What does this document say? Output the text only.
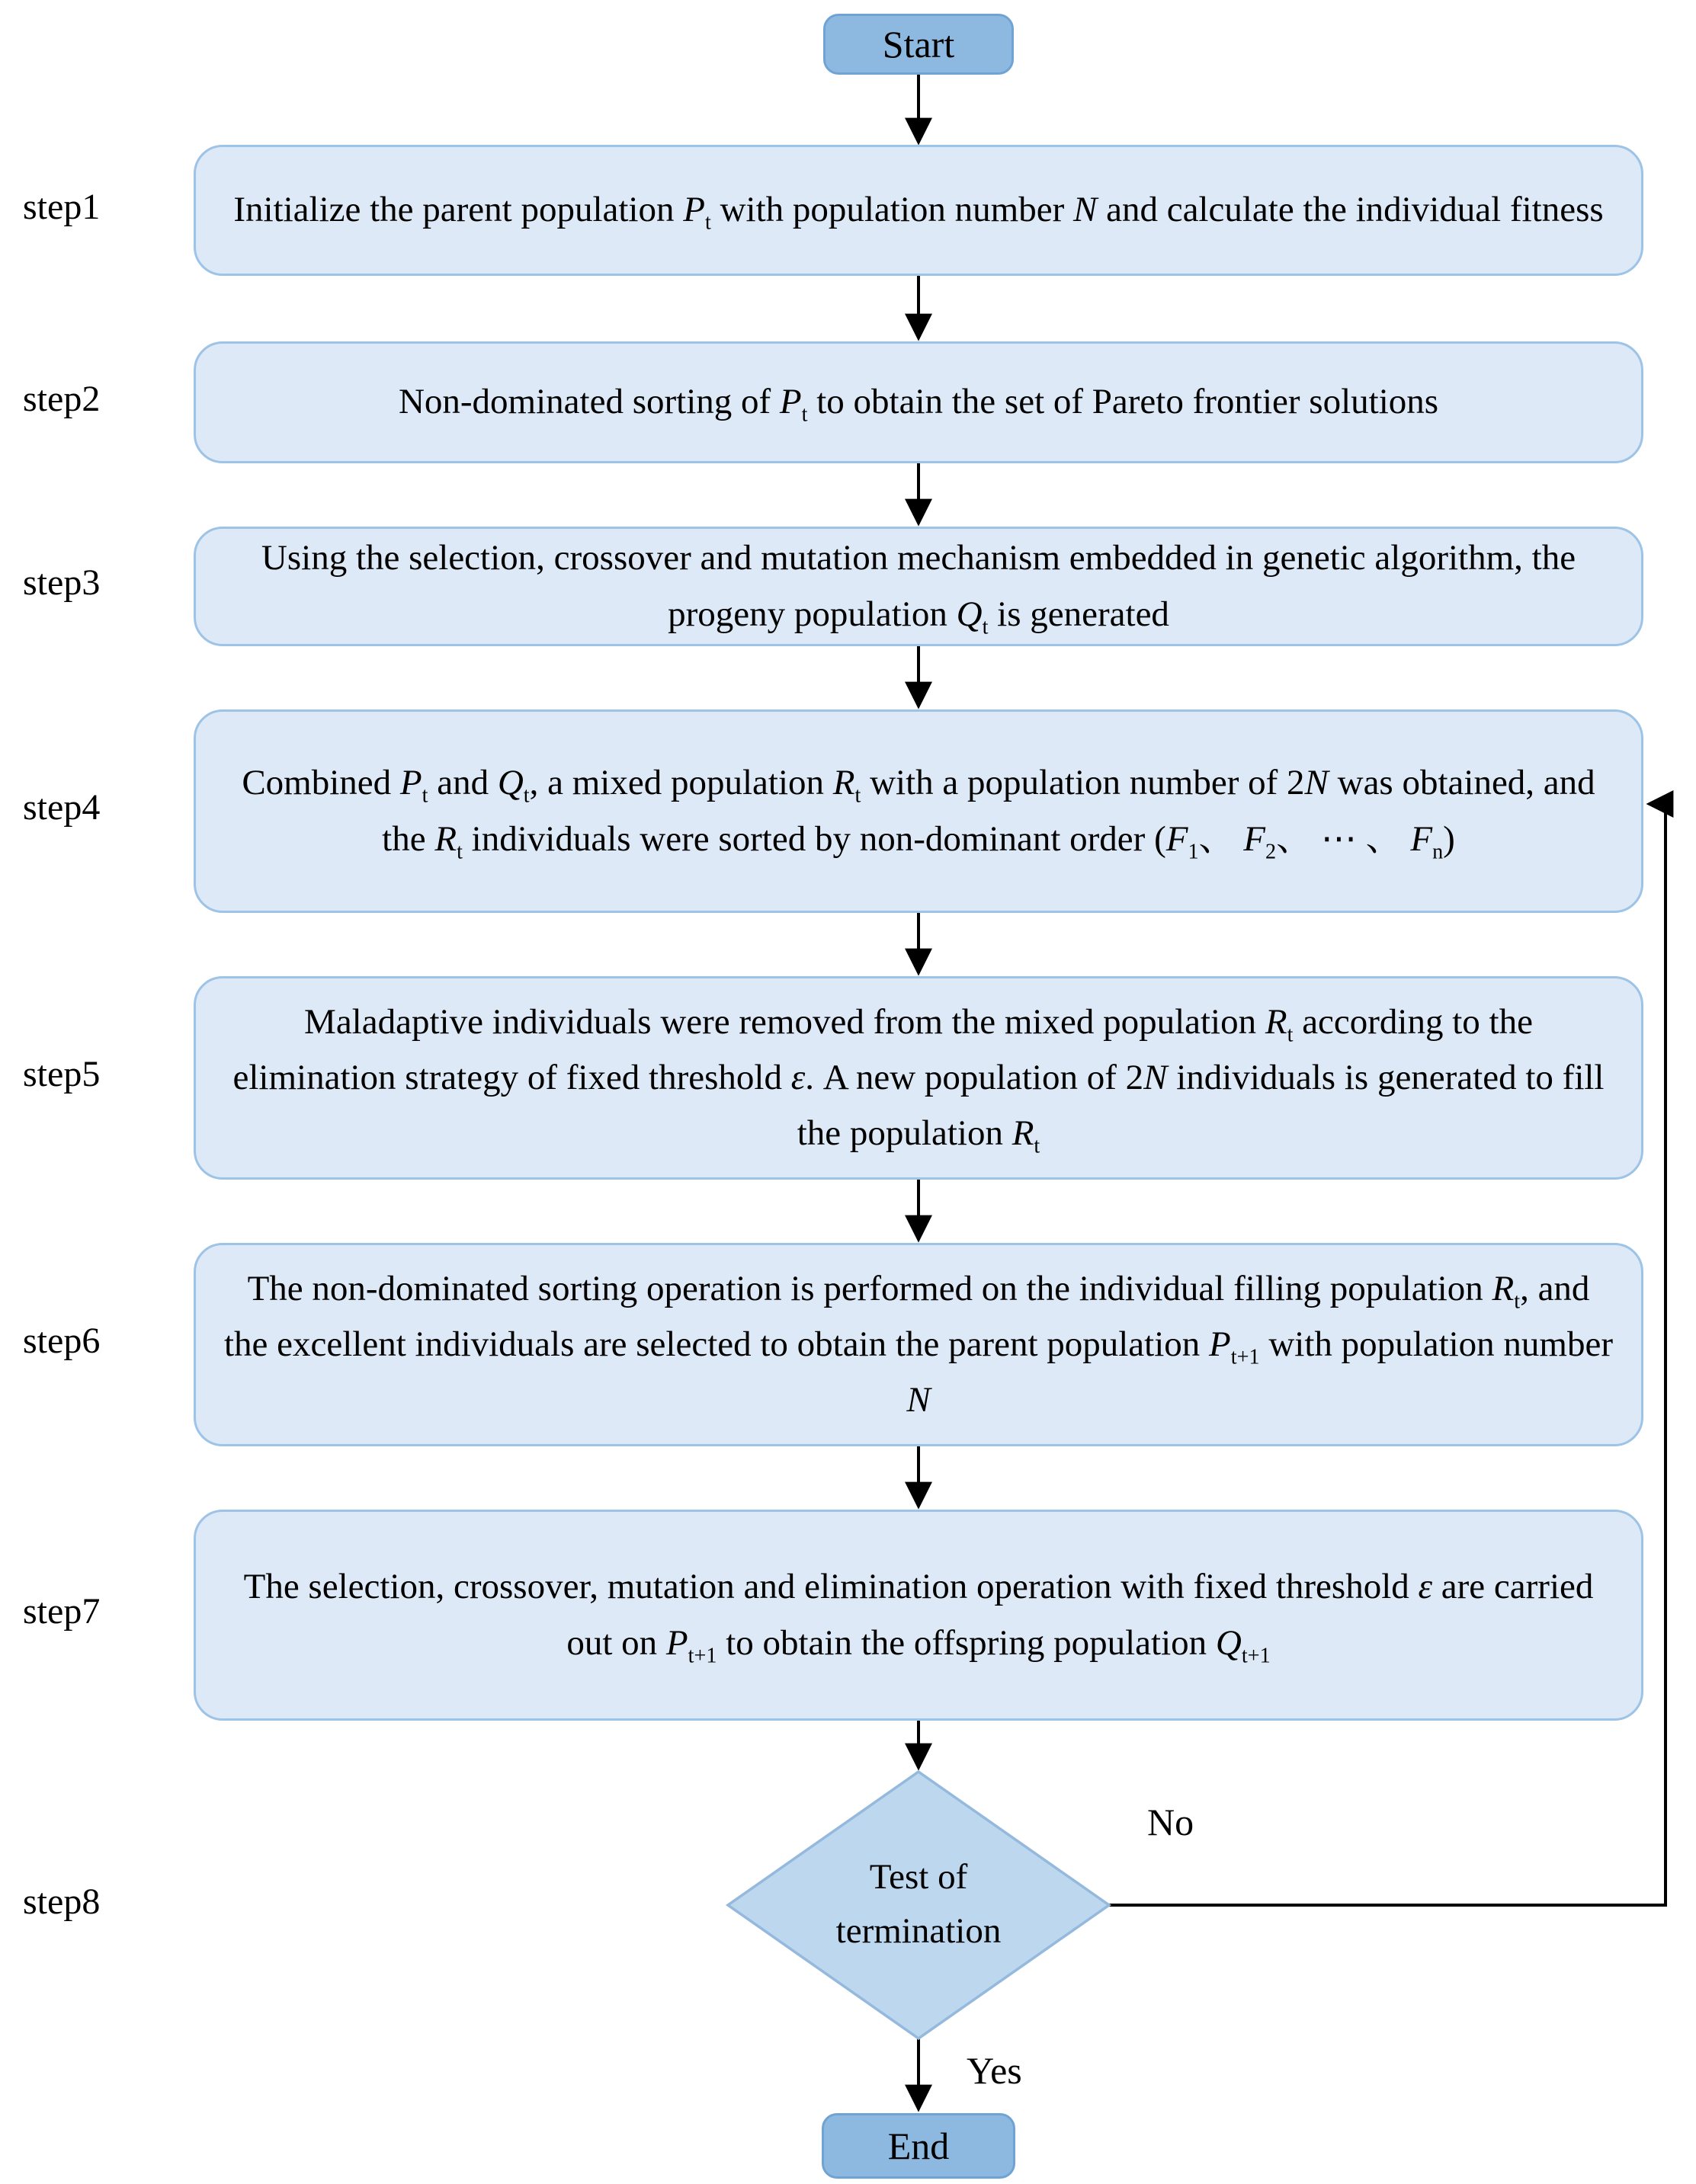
Start
step1	Initialize the parent population $P_t$ with population number N and calculate the individual fitness
step2	Non-dominated sorting of $P_t$ to obtain the set of Pareto frontier solutions
step3
Using the selection, crossover and mutation mechanism embedded in genetic algorithm, the progeny population $Q_t$ is generated
step4
Combined $P_t$ and $Q_t$, a mixed population $R_t$ with a population number of 2N was obtained, and the $R_t$ individuals were sorted by non-dominant order ($F_1$、 $F_2$、 ⋯ 、 $F_n$)
step5
Maladaptive individuals were removed from the mixed population $R_t$ according to the elimination strategy of fixed threshold ε. A new population of 2N individuals is generated to fill the population $R_t$
step6
The non-dominated sorting operation is performed on the individual filling population $R_t$, and the excellent individuals are selected to obtain the parent population $P_{t+1}$ with population number N
step7
The selection, crossover, mutation and elimination operation with fixed threshold ε are carried out on $P_{t+1}$ to obtain the offspring population $Q_{t+1}$
step8
Test of
termination
No
Yes
End
